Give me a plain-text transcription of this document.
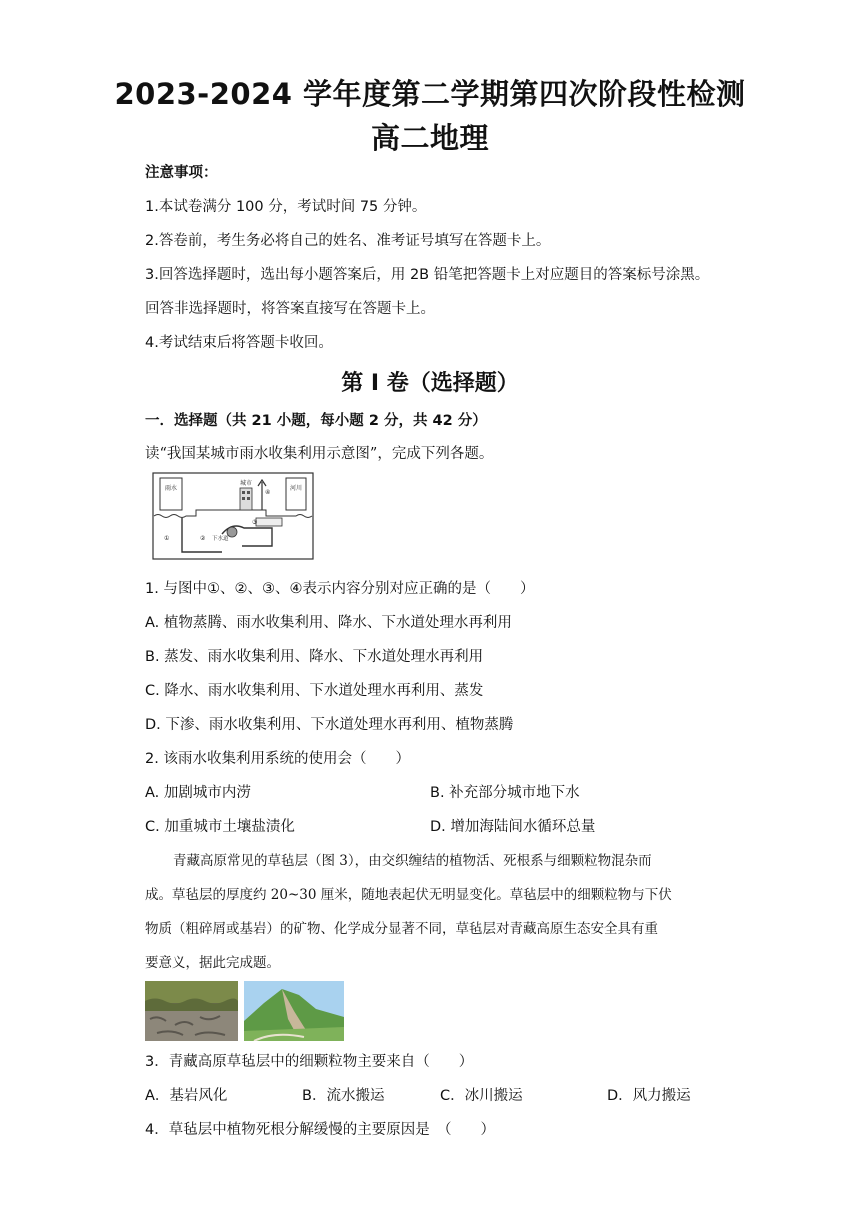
2023-2024 学年度第二学期第四次阶段性检测
高二地理
注意事项：
1.本试卷满分 100 分，考试时间 75 分钟。
2.答卷前，考生务必将自己的姓名、准考证号填写在答题卡上。
3.回答选择题时，选出每小题答案后，用 2B 铅笔把答题卡上对应题目的答案标号涂黑。
回答非选择题时，将答案直接写在答题卡上。
4.考试结束后将答题卡收回。
第 I 卷（选择题）
一．选择题（共 21 小题，每小题 2 分，共 42 分）
读“我国某城市雨水收集利用示意图”，完成下列各题。
雨水
城市
④
河川
①	② 下水道
③
1. 与图中①、②、③、④表示内容分别对应正确的是（　　）
A. 植物蒸腾、雨水收集利用、降水、下水道处理水再利用
B. 蒸发、雨水收集利用、降水、下水道处理水再利用
C. 降水、雨水收集利用、下水道处理水再利用、蒸发
D. 下渗、雨水收集利用、下水道处理水再利用、植物蒸腾
2. 该雨水收集利用系统的使用会（　　）
A. 加剧城市内涝	B. 补充部分城市地下水
C. 加重城市土壤盐渍化	D. 增加海陆间水循环总量
青藏高原常见的草毡层（图 3），由交织缠结的植物活、死根系与细颗粒物混杂而
成。草毡层的厚度约 20~30 厘米，随地表起伏无明显变化。草毡层中的细颗粒物与下伏
物质（粗碎屑或基岩）的矿物、化学成分显著不同，草毡层对青藏高原生态安全具有重
要意义，据此完成题。
3．青藏高原草毡层中的细颗粒物主要来自（　　）
A．基岩风化	B．流水搬运	C．冰川搬运	D．风力搬运
4．草毡层中植物死根分解缓慢的主要原因是　（　　）
